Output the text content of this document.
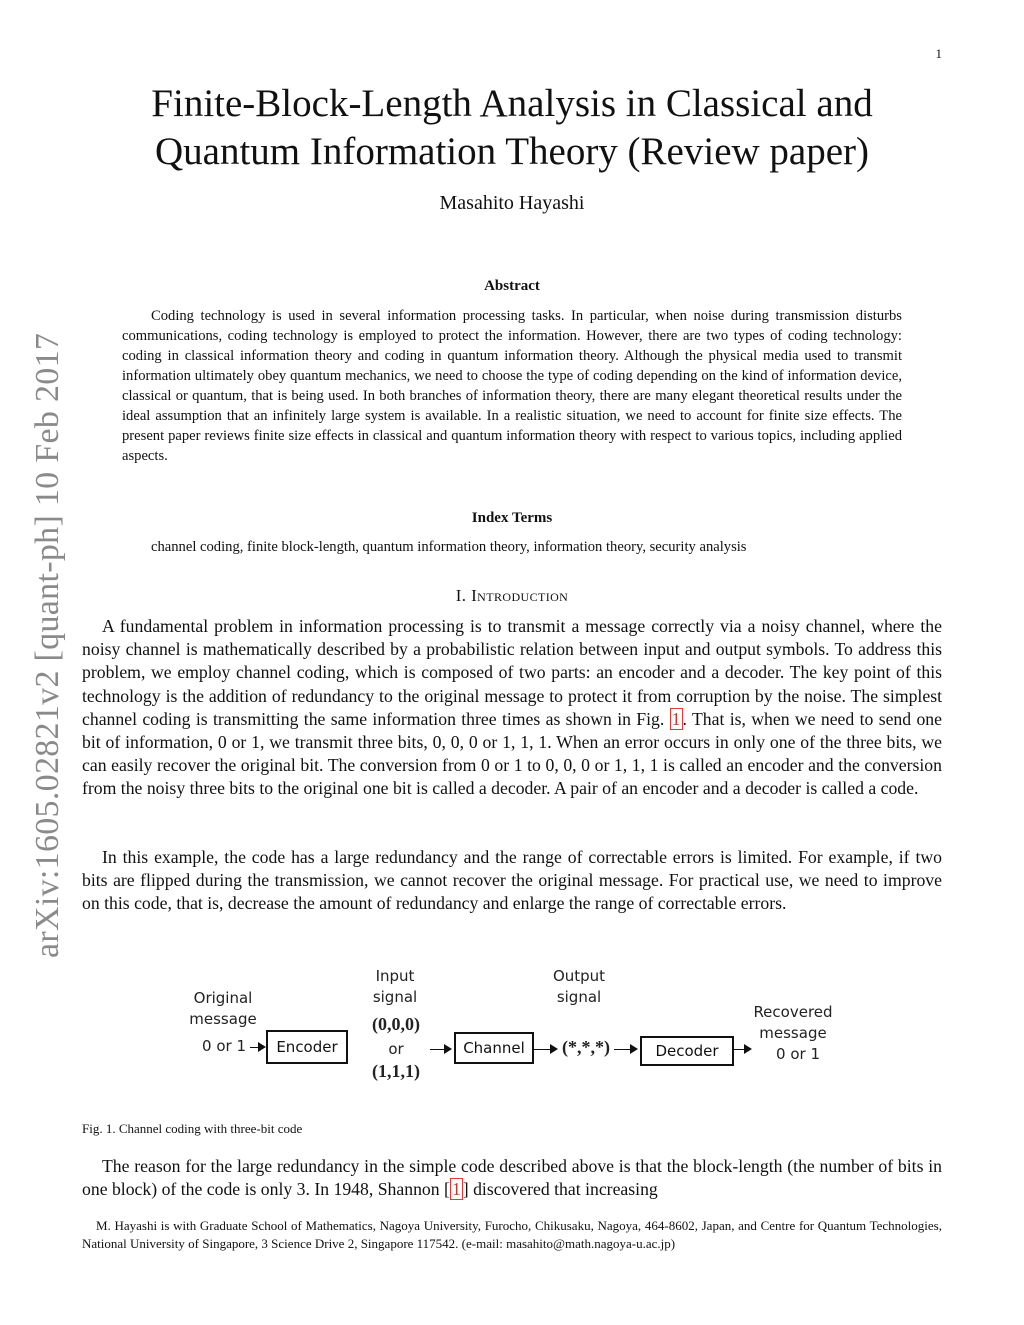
1
arXiv:1605.02821v2 [quant-ph] 10 Feb 2017
Finite-Block-Length Analysis in Classical and
Quantum Information Theory (Review paper)
Masahito Hayashi
Abstract
Coding technology is used in several information processing tasks. In particular, when noise during transmission disturbs communications, coding technology is employed to protect the information. However, there are two types of coding technology: coding in classical information theory and coding in quantum information theory. Although the physical media used to transmit information ultimately obey quantum mechanics, we need to choose the type of coding depending on the kind of information device, classical or quantum, that is being used. In both branches of information theory, there are many elegant theoretical results under the ideal assumption that an infinitely large system is available. In a realistic situation, we need to account for finite size effects. The present paper reviews finite size effects in classical and quantum information theory with respect to various topics, including applied aspects.
Index Terms
channel coding, finite block-length, quantum information theory, information theory, security analysis
I. Introduction
A fundamental problem in information processing is to transmit a message correctly via a noisy channel, where the noisy channel is mathematically described by a probabilistic relation between input and output symbols. To address this problem, we employ channel coding, which is composed of two parts: an encoder and a decoder. The key point of this technology is the addition of redundancy to the original message to protect it from corruption by the noise. The simplest channel coding is transmitting the same information three times as shown in Fig. 1 . That is, when we need to send one bit of information, 0 or 1, we transmit three bits, 0, 0, 0 or 1, 1, 1. When an error occurs in only one of the three bits, we can easily recover the original bit. The conversion from 0 or 1 to 0, 0, 0 or 1, 1, 1 is called an encoder and the conversion from the noisy three bits to the original one bit is called a decoder. A pair of an encoder and a decoder is called a code.
In this example, the code has a large redundancy and the range of correctable errors is limited. For example, if two bits are flipped during the transmission, we cannot recover the original message. For practical use, we need to improve on this code, that is, decrease the amount of redundancy and enlarge the range of correctable errors.
Original
message
0 or 1	Encoder
Input
signal
(0,0,0)
or
(1,1,1)
Channel
Output
signal
(*,*,*)	Decoder
Recovered
message
0 or 1
Fig. 1. Channel coding with three-bit code
The reason for the large redundancy in the simple code described above is that the block-length (the number of bits in one block) of the code is only 3. In 1948, Shannon [ 1 ] discovered that increasing
M. Hayashi is with Graduate School of Mathematics, Nagoya University, Furocho, Chikusaku, Nagoya, 464-8602, Japan, and Centre for Quantum Technologies, National University of Singapore, 3 Science Drive 2, Singapore 117542. (e-mail: masahito@math.nagoya-u.ac.jp)
